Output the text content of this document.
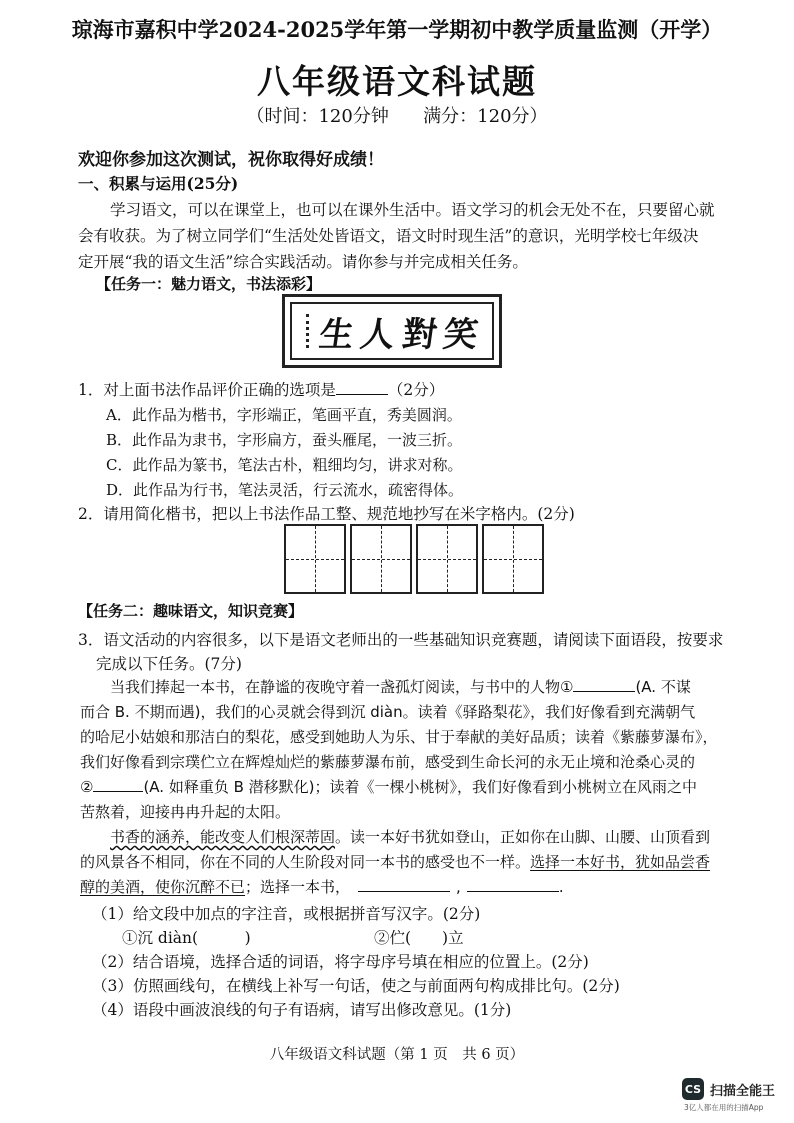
琼海市嘉积中学2024-2025学年第一学期初中教学质量监测（开学）
八年级语文科试题
（时间：120分钟 满分：120分）
欢迎你参加这次测试，祝你取得好成绩！
一、积累与运用(25分)
学习语文，可以在课堂上，也可以在课外生活中。语文学习的机会无处不在，只要留心就
会有收获。为了树立同学们“生活处处皆语文，语文时时现生活”的意识，光明学校七年级决
定开展“我的语文生活”综合实践活动。请你参与并完成相关任务。
【任务一：魅力语文，书法添彩】
生 人 對 笑
1．对上面书法作品评价正确的选项是	（2分）
A．此作品为楷书，字形端正，笔画平直，秀美圆润。
B．此作品为隶书，字形扁方，蚕头雁尾，一波三折。
C．此作品为篆书，笔法古朴，粗细均匀，讲求对称。
D．此作品为行书，笔法灵活，行云流水，疏密得体。
2．请用简化楷书，把以上书法作品工整、规范地抄写在米字格内。(2分)
【任务二：趣味语文，知识竞赛】
3．语文活动的内容很多，以下是语文老师出的一些基础知识竞赛题，请阅读下面语段，按要求
完成以下任务。(7分)
当我们捧起一本书，在静谧的夜晚守着一盏孤灯阅读，与书中的人物①	(A. 不谋
而合 B. 不期而遇)，我们的心灵就会得到沉 diàn。读着《驿路梨花》，我们好像看到充满朝气
的哈尼小姑娘和那洁白的梨花，感受到她助人为乐、甘于奉献的美好品质；读着《紫藤萝瀑布》，
我们好像看到宗璞伫立在辉煌灿烂的紫藤萝瀑布前，感受到生命长河的永无止境和沧桑心灵的
②	(A. 如释重负 B 潜移默化)；读着《一棵小桃树》，我们好像看到小桃树立在风雨之中
苦熬着，迎接冉冉升起的太阳。
书香的涵养，能改变人们根深蒂固。读一本好书犹如登山，正如你在山脚、山腰、山顶看到
的风景各不相同，你在不同的人生阶段对同一本书的感受也不一样。选择一本好书，犹如品尝香
醇的美酒，使你沉醉不已；选择一本书，	,	.
（1）给文段中加点的字注音，或根据拼音写汉字。(2分)
①沉 diàn(　　　)	②伫(　　)立
（2）结合语境，选择合适的词语，将字母序号填在相应的位置上。(2分)
（3）仿照画线句，在横线上补写一句话，使之与前面两句构成排比句。(2分)
（4）语段中画波浪线的句子有语病，请写出修改意见。(1分)
八年级语文科试题（第 1 页　共 6 页）
CS 扫描全能王
3亿人都在用的扫描App
